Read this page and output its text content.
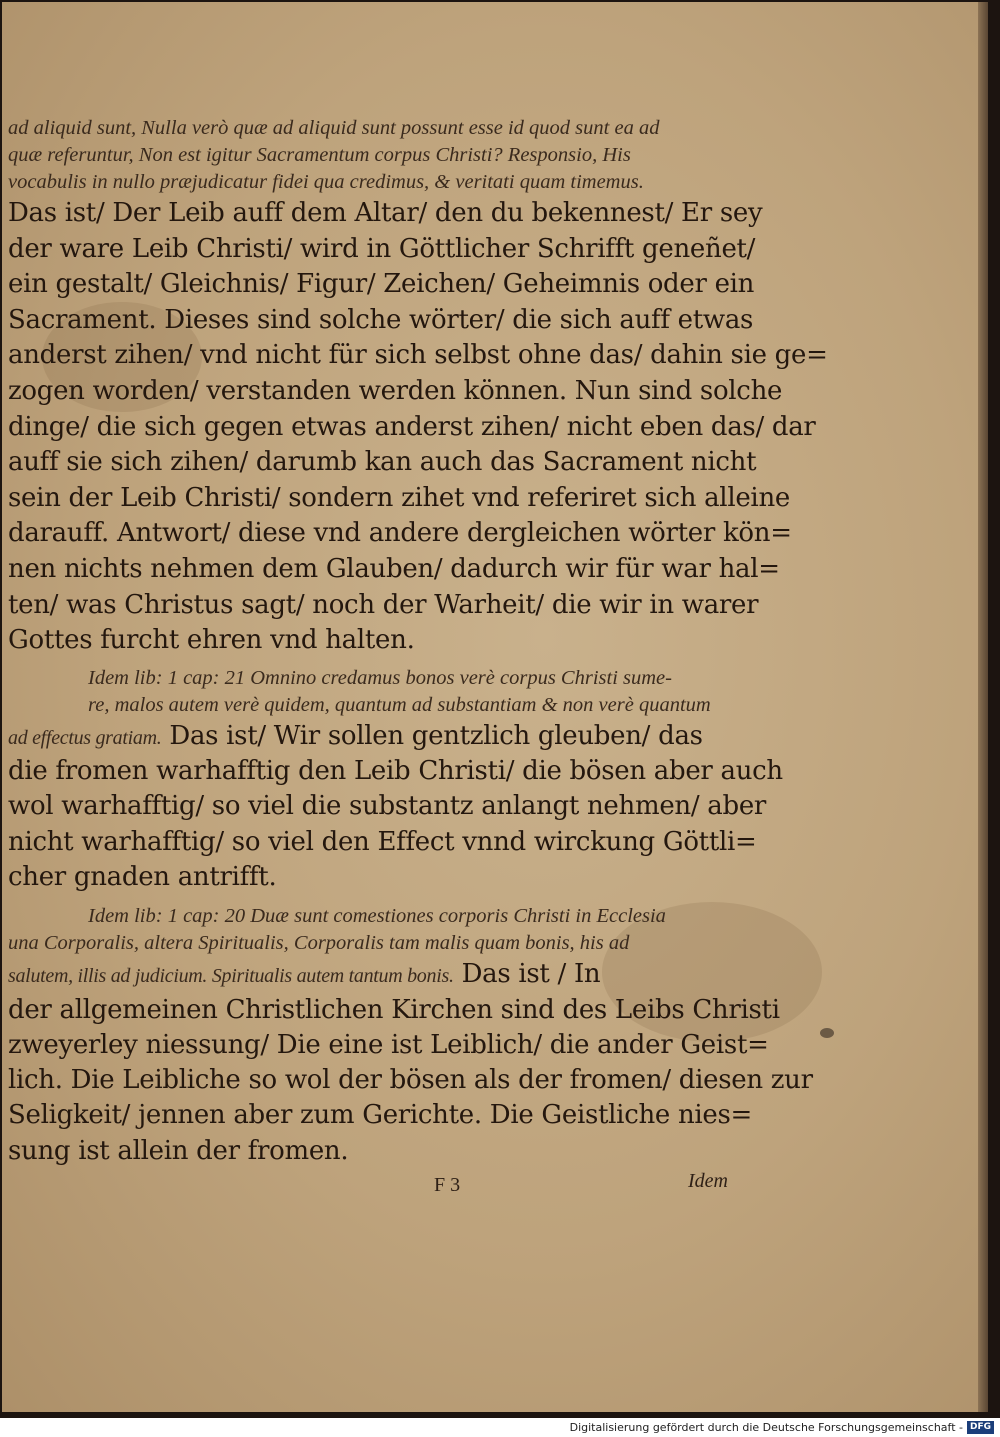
ad aliquid sunt, Nulla verò quæ ad aliquid sunt possunt esse id quod sunt ea ad
quæ referuntur, Non est igitur Sacramentum corpus Christi? Responsio, His
vocabulis in nullo præjudicatur fidei qua credimus, & veritati quam timemus.

Das ist/ Der Leib auff dem Altar/ den du bekennest/ Er sey
der ware Leib Christi/ wird in Göttlicher Schrifft geneñet/
ein gestalt/ Gleichnis/ Figur/ Zeichen/ Geheimnis oder ein
Sacrament. Dieses sind solche wörter/ die sich auff etwas
anderst zihen/ vnd nicht für sich selbst ohne das/ dahin sie ge=
zogen worden/ verstanden werden können. Nun sind solche
dinge/ die sich gegen etwas anderst zihen/ nicht eben das/ dar
auff sie sich zihen/ darumb kan auch das Sacrament nicht
sein der Leib Christi/ sondern zihet vnd referiret sich alleine
darauff. Antwort/ diese vnd andere dergleichen wörter kön=
nen nichts nehmen dem Glauben/ dadurch wir für war hal=
ten/ was Christus sagt/ noch der Warheit/ die wir in warer
Gottes furcht ehren vnd halten.

Idem lib: 1 cap: 21 Omnino credamus bonos verè corpus Christi sume-
re, malos autem verè quidem, quantum ad substantiam & non verè quantum

ad effectus gratiam. Das ist/ Wir sollen gentzlich gleuben/ das
die fromen warhafftig den Leib Christi/ die bösen aber auch
wol warhafftig/ so viel die substantz anlangt nehmen/ aber
nicht warhafftig/ so viel den Effect vnnd wirckung Göttli=
cher gnaden antrifft.

Idem lib: 1 cap: 20 Duæ sunt comestiones corporis Christi in Ecclesia
una Corporalis, altera Spiritualis, Corporalis tam malis quam bonis, his ad

salutem, illis ad judicium. Spiritualis autem tantum bonis. Das ist / In
der allgemeinen Christlichen Kirchen sind des Leibs Christi
zweyerley niessung/ Die eine ist Leiblich/ die ander Geist=
lich. Die Leibliche so wol der bösen als der fromen/ diesen zur
Seligkeit/ jennen aber zum Gerichte. Die Geistliche nies=
sung ist allein der fromen.

F 3	Idem
Digitalisierung gefördert durch die Deutsche Forschungsgemeinschaft - DFG
